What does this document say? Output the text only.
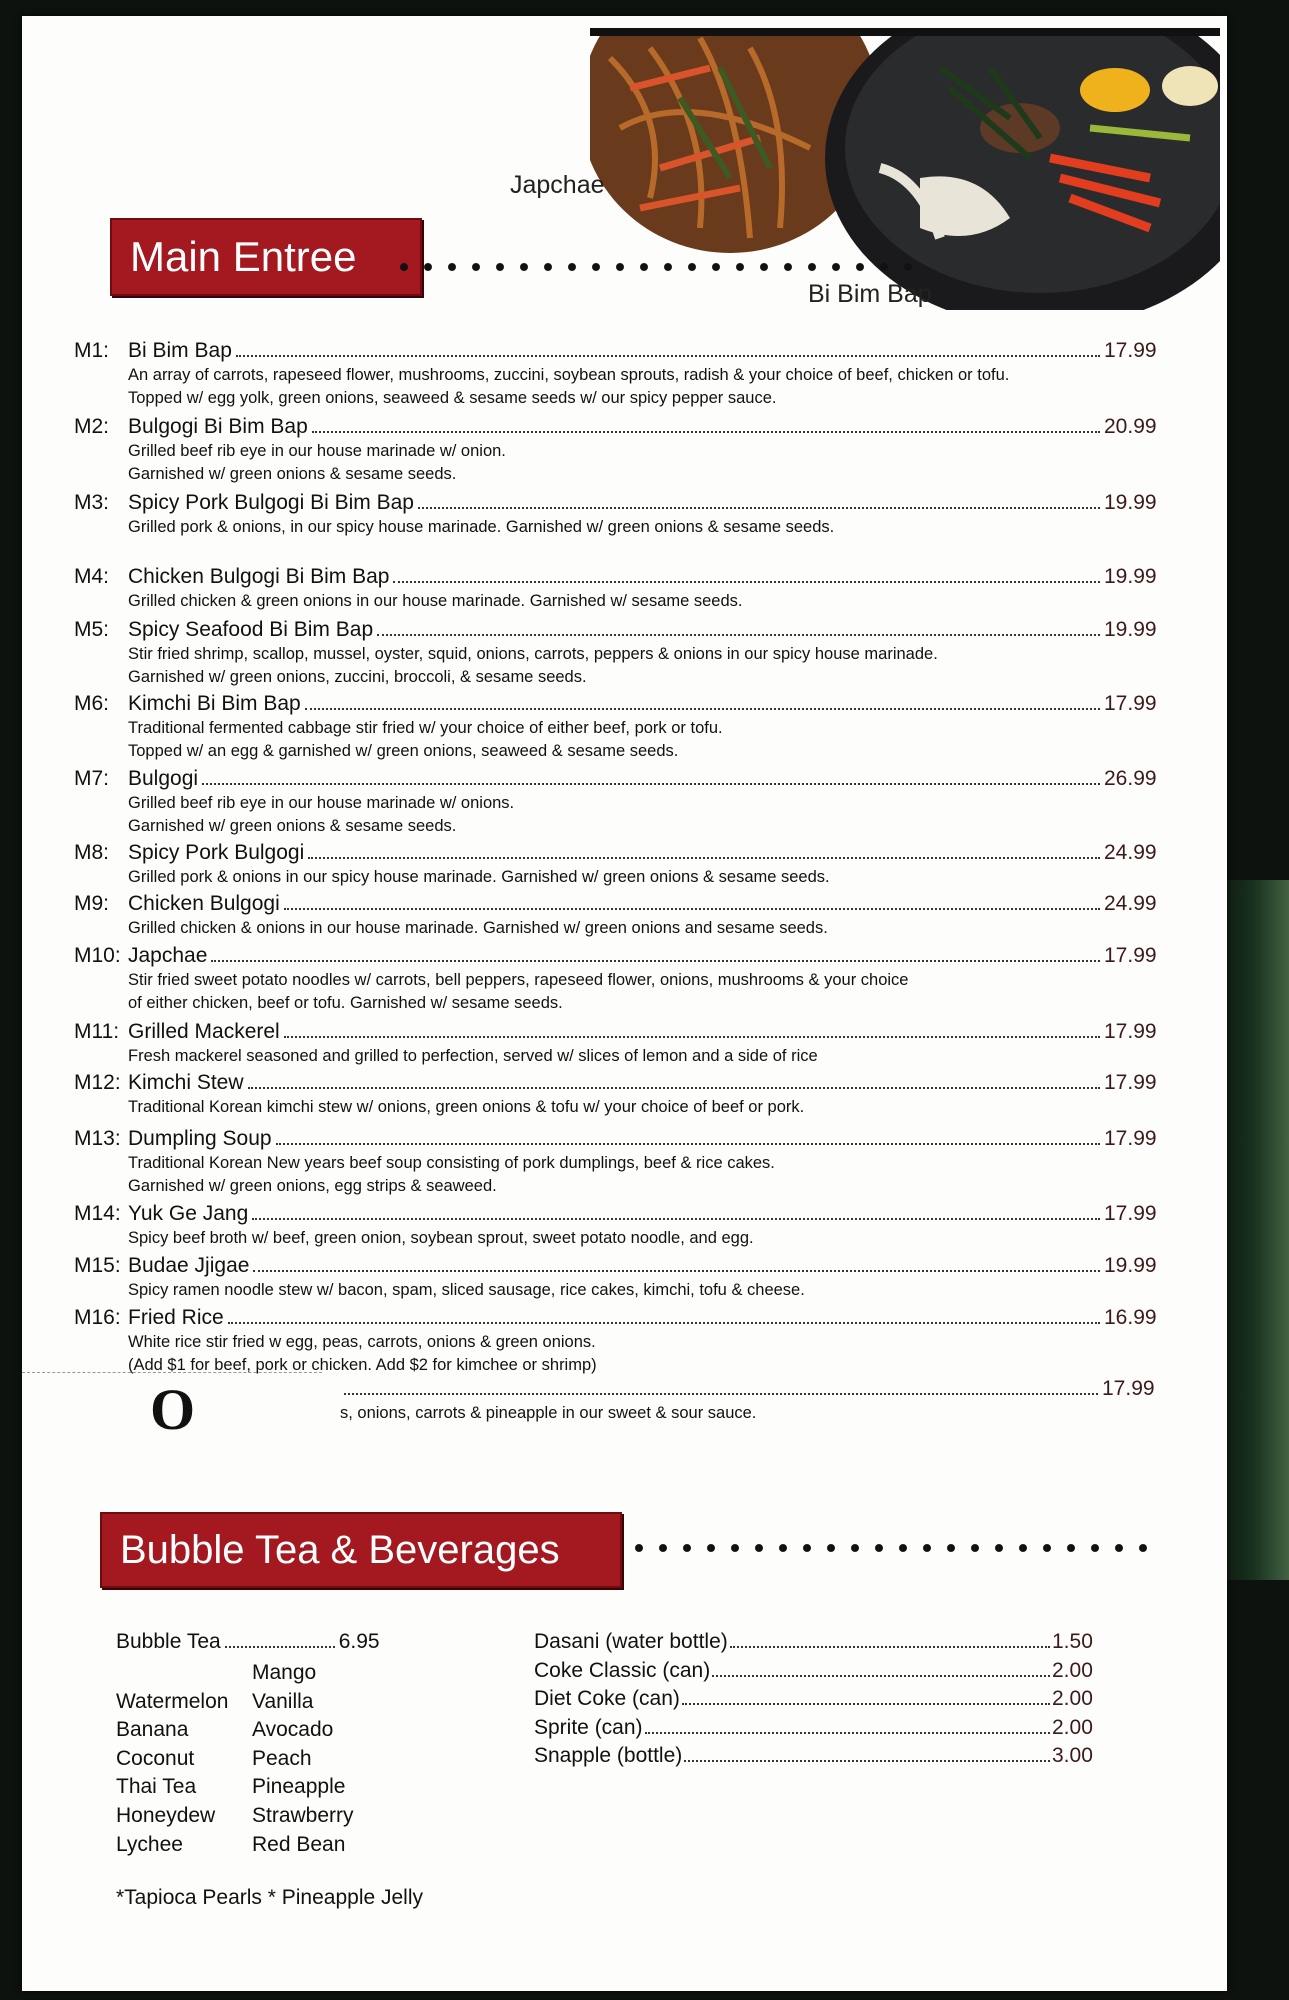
Japchae
Bi Bim Bap
Main Entree
M1: Bi Bim Bap	17.99
An array of carrots, rapeseed flower, mushrooms, zuccini, soybean sprouts, radish & your choice of beef, chicken or tofu.
Topped w/ egg yolk, green onions, seaweed & sesame seeds w/ our spicy pepper sauce.
M2: Bulgogi Bi Bim Bap	20.99
Grilled beef rib eye in our house marinade w/ onion.
Garnished w/ green onions & sesame seeds.
M3: Spicy Pork Bulgogi Bi Bim Bap	19.99
Grilled pork & onions, in our spicy house marinade. Garnished w/ green onions & sesame seeds.
M4: Chicken Bulgogi Bi Bim Bap	19.99
Grilled chicken & green onions in our house marinade. Garnished w/ sesame seeds.
M5: Spicy Seafood Bi Bim Bap	19.99
Stir fried shrimp, scallop, mussel, oyster, squid, onions, carrots, peppers & onions in our spicy house marinade.
Garnished w/ green onions, zuccini, broccoli, & sesame seeds.
M6: Kimchi Bi Bim Bap	17.99
Traditional fermented cabbage stir fried w/ your choice of either beef, pork or tofu.
Topped w/ an egg & garnished w/ green onions, seaweed & sesame seeds.
M7: Bulgogi	26.99
Grilled beef rib eye in our house marinade w/ onions.
Garnished w/ green onions & sesame seeds.
M8: Spicy Pork Bulgogi	24.99
Grilled pork & onions in our spicy house marinade. Garnished w/ green onions & sesame seeds.
M9: Chicken Bulgogi	24.99
Grilled chicken & onions in our house marinade. Garnished w/ green onions and sesame seeds.
M10: Japchae	17.99
Stir fried sweet potato noodles w/ carrots, bell peppers, rapeseed flower, onions, mushrooms & your choice
of either chicken, beef or tofu. Garnished w/ sesame seeds.
M11: Grilled Mackerel	17.99
Fresh mackerel seasoned and grilled to perfection, served w/ slices of lemon and a side of rice
M12: Kimchi Stew	17.99
Traditional Korean kimchi stew w/ onions, green onions & tofu w/ your choice of beef or pork.
M13: Dumpling Soup	17.99
Traditional Korean New years beef soup consisting of pork dumplings, beef & rice cakes.
Garnished w/ green onions, egg strips & seaweed.
M14: Yuk Ge Jang	17.99
Spicy beef broth w/ beef, green onion, soybean sprout, sweet potato noodle, and egg.
M15: Budae Jjigae	19.99
Spicy ramen noodle stew w/ bacon, spam, sliced sausage, rice cakes, kimchi, tofu & cheese.
M16: Fried Rice	16.99
White rice stir fried w egg, peas, carrots, onions & green onions.
(Add $1 for beef, pork or chicken. Add $2 for kimchee or shrimp)
O	17.99
s, onions, carrots & pineapple in our sweet & sour sauce.
Bubble Tea & Beverages
Bubble Tea	6.95
Watermelon
Banana
Coconut
Thai Tea
Honeydew
Lychee
Mango
Vanilla
Avocado
Peach
Pineapple
Strawberry
Red Bean
*Tapioca Pearls * Pineapple Jelly
Dasani (water bottle)	1.50
Coke Classic (can)	2.00
Diet Coke (can)	2.00
Sprite (can)	2.00
Snapple (bottle)	3.00
